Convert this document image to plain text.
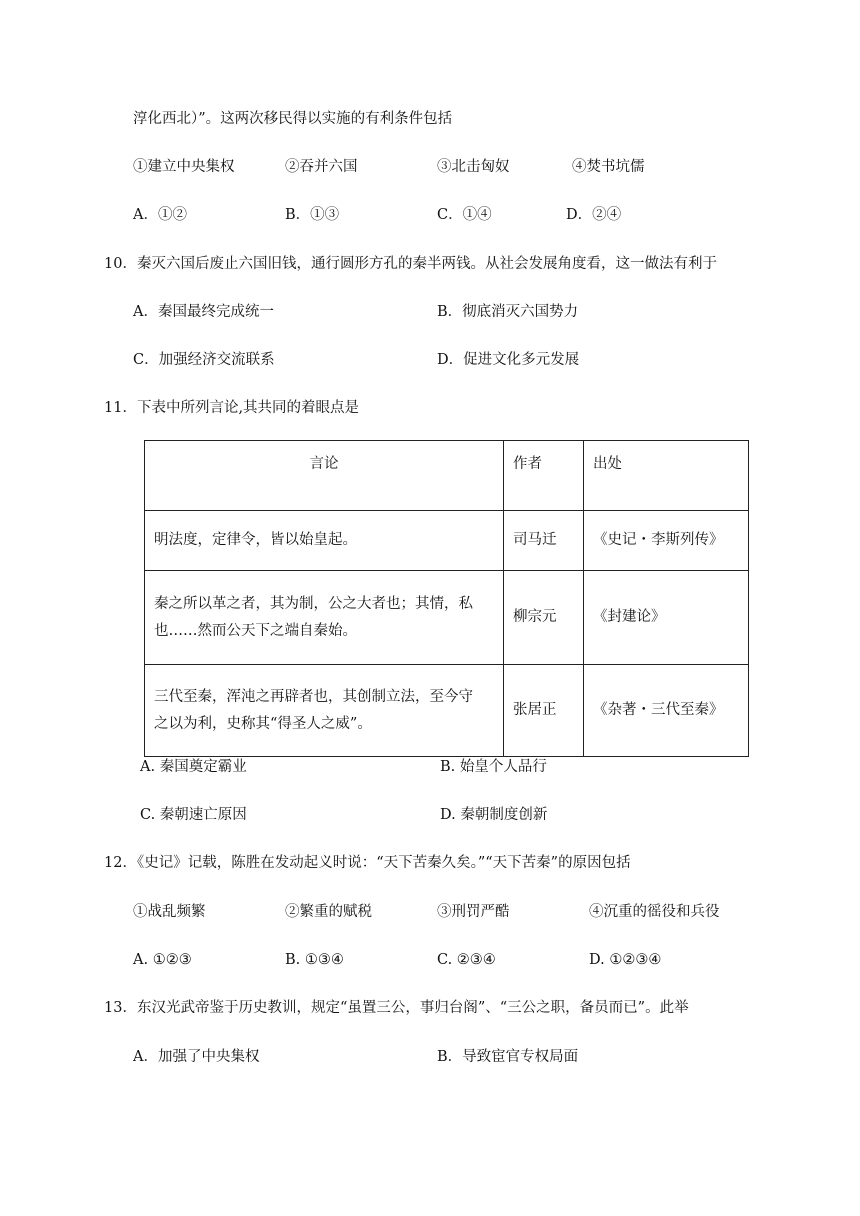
淳化西北）”。这两次移民得以实施的有利条件包括
①建立中央集权	②吞并六国	③北击匈奴	④焚书坑儒
A．①②	B．①③	C．①④	D．②④
10．秦灭六国后废止六国旧钱，通行圆形方孔的秦半两钱。从社会发展角度看，这一做法有利于
A．秦国最终完成统一	B．彻底消灭六国势力
C．加强经济交流联系	D．促进文化多元发展
11．下表中所列言论,其共同的着眼点是
言论	作者	出处
明法度，定律令，皆以始皇起。	司马迁	《史记・李斯列传》

秦之所以革之者，其为制，公之大者也；其情，私
也……然而公天下之端自秦始。	柳宗元	《封建论》

三代至秦，浑沌之再辟者也，其创制立法，至今守
之以为利，史称其“得圣人之威”。	张居正	《杂著・三代至秦》
A. 秦国奠定霸业	B. 始皇个人品行
C. 秦朝速亡原因	D. 秦朝制度创新
12．《史记》记载，陈胜在发动起义时说：“天下苦秦久矣。”“天下苦秦”的原因包括
①战乱频繁	②繁重的赋税	③刑罚严酷	④沉重的徭役和兵役
A. ①②③	B. ①③④	C. ②③④	D. ①②③④
13．东汉光武帝鉴于历史教训，规定“虽置三公，事归台阁”、“三公之职，备员而已”。此举
A．加强了中央集权	B．导致宦官专权局面
